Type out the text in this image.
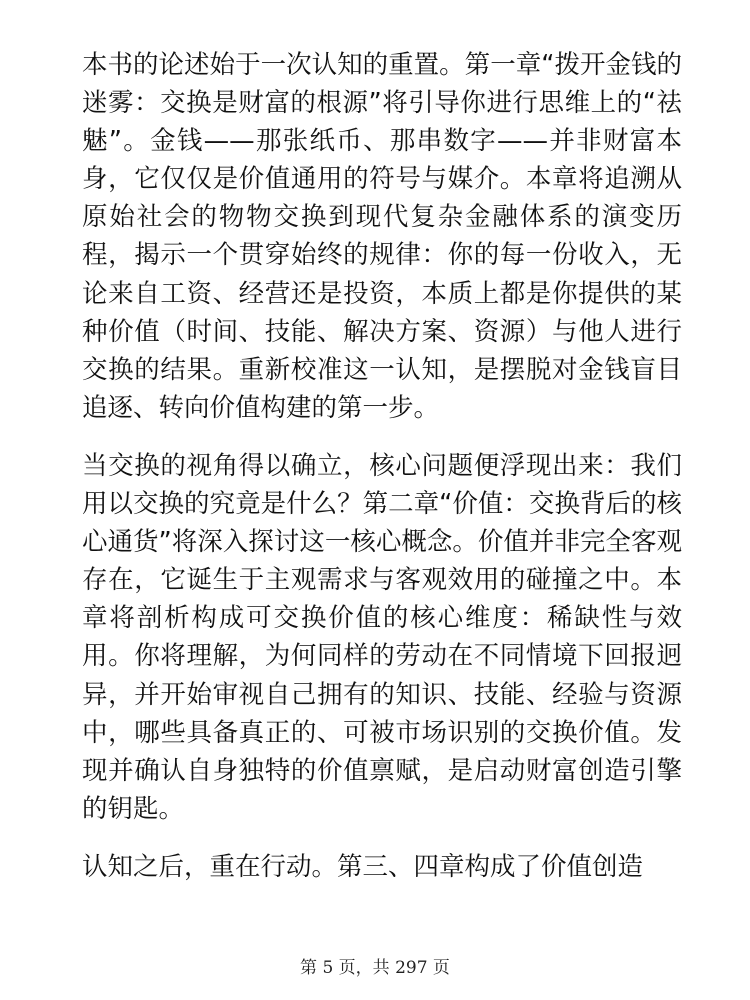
本书的论述始于一次认知的重置。第一章“拨开金钱的迷雾：交换是财富的根源”将引导你进行思维上的“祛魅”。金钱——那张纸币、那串数字——并非财富本身，它仅仅是价值通用的符号与媒介。本章将追溯从原始社会的物物交换到现代复杂金融体系的演变历程，揭示一个贯穿始终的规律：你的每一份收入，无论来自工资、经营还是投资，本质上都是你提供的某种价值（时间、技能、解决方案、资源）与他人进行交换的结果。重新校准这一认知，是摆脱对金钱盲目追逐、转向价值构建的第一步。

当交换的视角得以确立，核心问题便浮现出来：我们用以交换的究竟是什么？第二章“价值：交换背后的核心通货”将深入探讨这一核心概念。价值并非完全客观存在，它诞生于主观需求与客观效用的碰撞之中。本章将剖析构成可交换价值的核心维度：稀缺性与效用。你将理解，为何同样的劳动在不同情境下回报迥异，并开始审视自己拥有的知识、技能、经验与资源中，哪些具备真正的、可被市场识别的交换价值。发现并确认自身独特的价值禀赋，是启动财富创造引擎的钥匙。

认知之后，重在行动。第三、四章构成了价值创造

第 5 页，共 297 页
